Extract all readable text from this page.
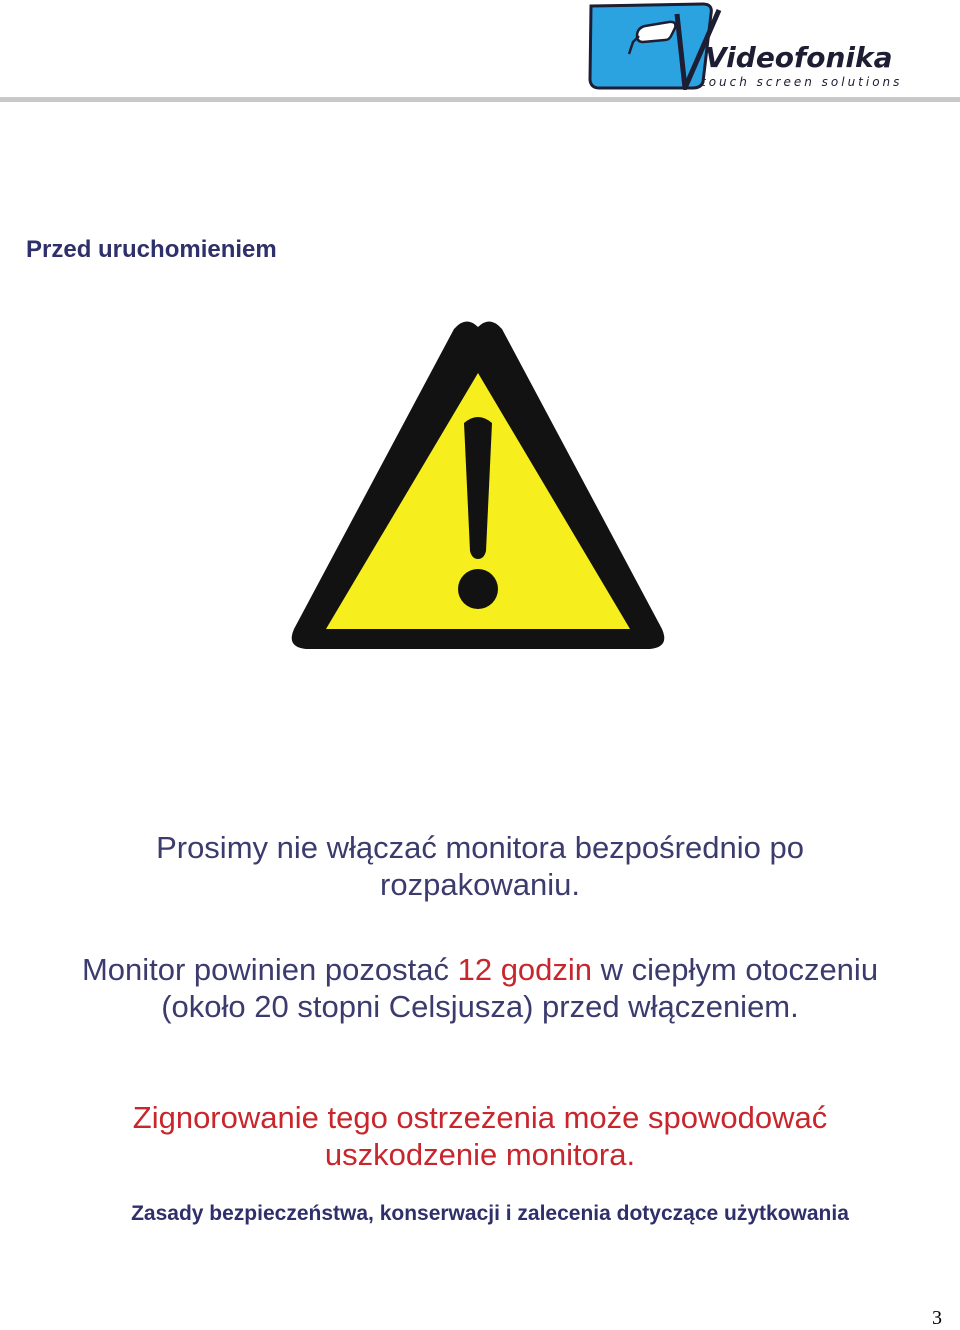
Videofonika
touch screen solutions
Przed uruchomieniem

Prosimy nie włączać monitora bezpośrednio po rozpakowaniu.

Monitor powinien pozostać 12 godzin w ciepłym otoczeniu (około 20 stopni Celsjusza) przed włączeniem.

Zignorowanie tego ostrzeżenia może spowodować uszkodzenie monitora.

Zasady bezpieczeństwa, konserwacji i zalecenia dotyczące użytkowania

3
